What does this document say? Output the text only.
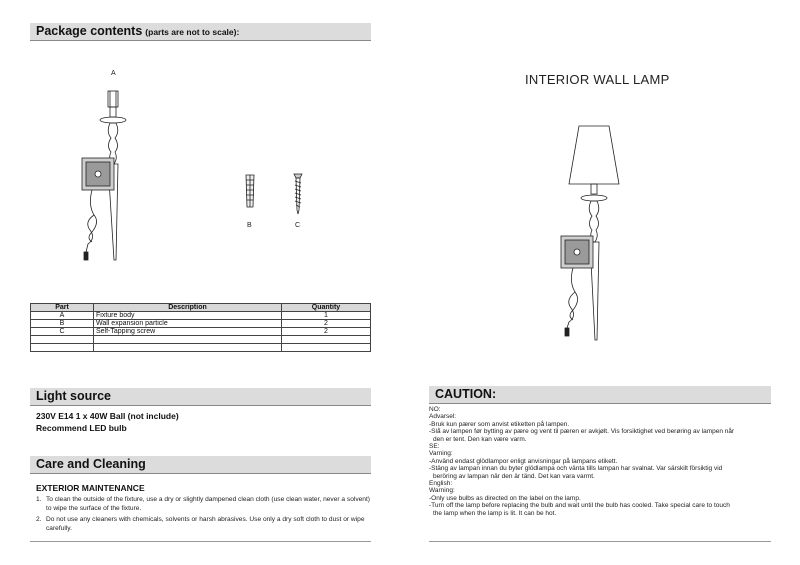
Package contents (parts are not to scale):
A
B	C
Part	Description	Quantity
A	Fixture body	1
B	Wall expansion particle	2
C	Self-Tapping screw	2

Light source
230V E14 1 x 40W Ball (not include)
Recommend LED bulb
Care and Cleaning
EXTERIOR MAINTENANCE
1. To clean the outside of the fixture, use a dry or slightly dampened clean cloth (use clean water, never a solvent) to wipe the surface of the fixture.
2. Do not use any cleaners with chemicals, solvents or harsh abrasives. Use only a dry soft cloth to dust or wipe carefully.
INTERIOR WALL LAMP
CAUTION:
NO:
Advarsel:
-Bruk kun pærer som anvist etiketten på lampen.
-Slå av lampen før bytting av pære og vent til pæren er avkjølt. Vis forsiktighet ved berøring av lampen når
den er tent. Den kan være varm.
SE:
Varning:
-Använd endast glödlampor enligt anvisningar på lampans etikett.
-Stäng av lampan innan du byter glödlampa och vänta tills lampan har svalnat. Var särskilt försiktig vid
beröring av lampan när den är tänd. Det kan vara varmt.
English:
Warning:
-Only use bulbs as directed on the label on the lamp.
-Turn off the lamp before replacing the bulb and wait until the bulb has cooled. Take special care to touch
the lamp when the lamp is lit. It can be hot.
